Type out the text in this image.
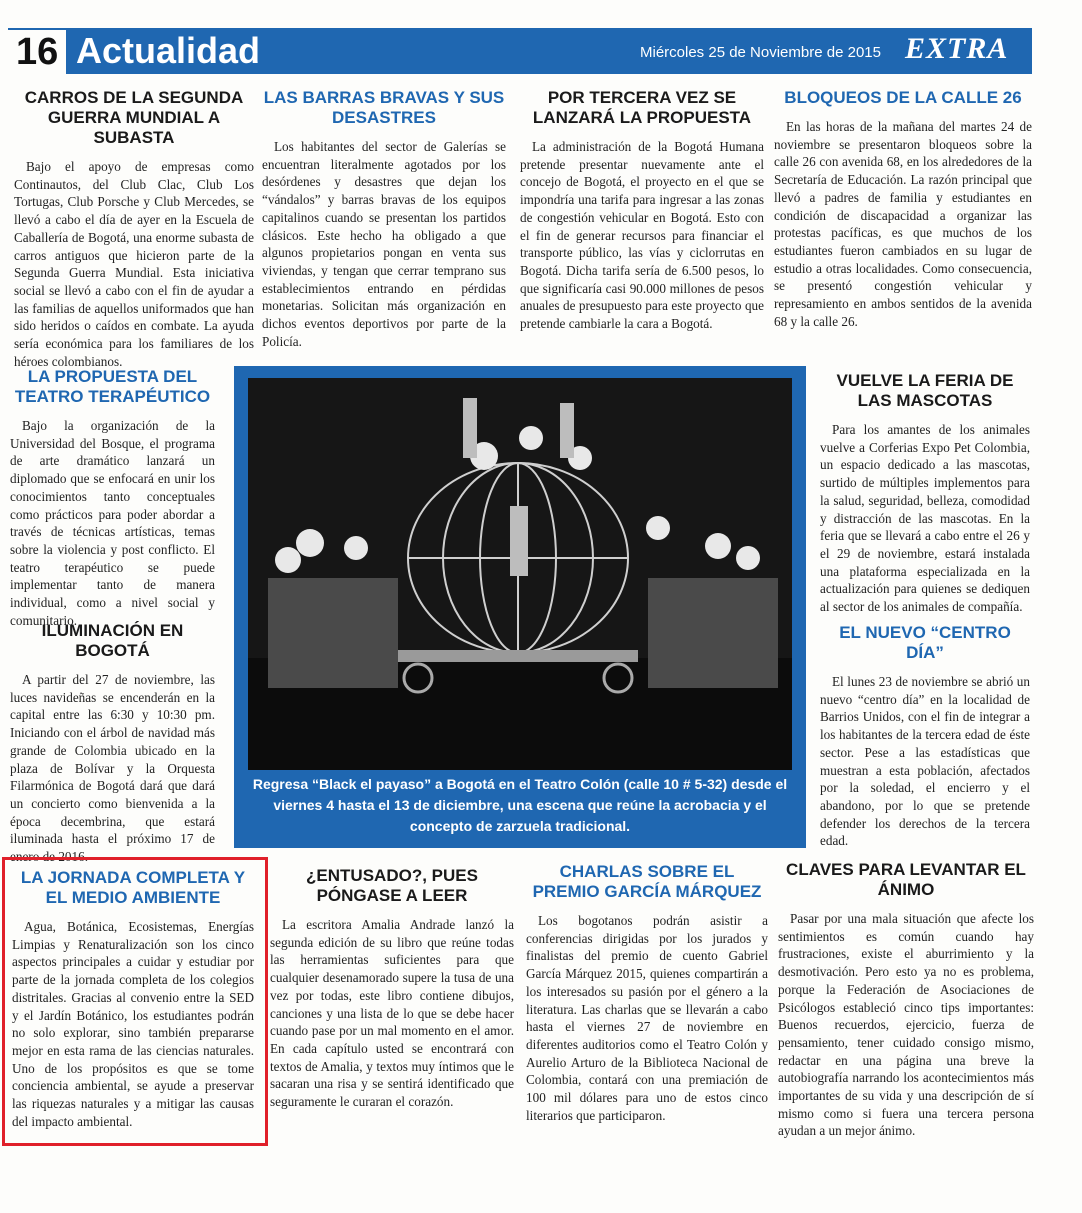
16 Actualidad	Miércoles 25 de Noviembre de 2015 EXTRA
CARROS DE LA SEGUNDA GUERRA MUNDIAL A SUBASTA

Bajo el apoyo de empresas como Continautos, del Club Clac, Club Los Tortugas, Club Porsche y Club Mercedes, se llevó a cabo el día de ayer en la Escuela de Caballería de Bogotá, una enorme subasta de carros antiguos que hicieron parte de la Segunda Guerra Mundial. Esta iniciativa social se llevó a cabo con el fin de ayudar a las familias de aquellos uniformados que han sido heridos o caídos en combate. La ayuda sería económica para los familiares de los héroes colombianos.

LAS BARRAS BRAVAS Y SUS DESASTRES

Los habitantes del sector de Galerías se encuentran literalmente agotados por los desórdenes y desastres que dejan los “vándalos” y barras bravas de los equipos capitalinos cuando se presentan los partidos clásicos. Este hecho ha obligado a que algunos propietarios pongan en venta sus viviendas, y tengan que cerrar temprano sus establecimientos entrando en pérdidas monetarias. Solicitan más organización en dichos eventos deportivos por parte de la Policía.

POR TERCERA VEZ SE LANZARÁ LA PROPUESTA

La administración de la Bogotá Humana pretende presentar nuevamente ante el concejo de Bogotá, el proyecto en el que se impondría una tarifa para ingresar a las zonas de congestión vehicular en Bogotá. Esto con el fin de generar recursos para financiar el transporte público, las vías y ciclorrutas en Bogotá. Dicha tarifa sería de 6.500 pesos, lo que significaría casi 90.000 millones de pesos anuales de presupuesto para este proyecto que pretende cambiarle la cara a Bogotá.

BLOQUEOS DE LA CALLE 26

En las horas de la mañana del martes 24 de noviembre se presentaron bloqueos sobre la calle 26 con avenida 68, en los alrededores de la Secretaría de Educación. La razón principal que llevó a padres de familia y estudiantes en condición de discapacidad a organizar las protestas pacíficas, es que muchos de los estudiantes fueron cambiados en su lugar de estudio a otras localidades. Como consecuencia, se presentó congestión vehicular y represamiento en ambos sentidos de la avenida 68 y la calle 26.

LA PROPUESTA DEL TEATRO TERAPÉUTICO

Bajo la organización de la Universidad del Bosque, el programa de arte dramático lanzará un diplomado que se enfocará en unir los conocimientos tanto conceptuales como prácticos para poder abordar a través de técnicas artísticas, temas sobre la violencia y post conflicto. El teatro terapéutico se puede implementar tanto de manera individual, como a nivel social y comunitario.

ILUMINACIÓN EN BOGOTÁ

A partir del 27 de noviembre, las luces navideñas se encenderán en la capital entre las 6:30 y 10:30 pm. Iniciando con el árbol de navidad más grande de Colombia ubicado en la plaza de Bolívar y la Orquesta Filarmónica de Bogotá dará que dará un concierto como bienvenida a la época decembrina, que estará iluminada hasta el próximo 17 de enero de 2016.

Regresa “Black el payaso” a Bogotá en el Teatro Colón (calle 10 # 5-32) desde el viernes 4 hasta el 13 de diciembre, una escena que reúne la acrobacia y el concepto de zarzuela tradicional.
VUELVE LA FERIA DE LAS MASCOTAS

Para los amantes de los animales vuelve a Corferias Expo Pet Colombia, un espacio dedicado a las mascotas, surtido de múltiples implementos para la salud, seguridad, belleza, comodidad y distracción de las mascotas. En la feria que se llevará a cabo entre el 26 y el 29 de noviembre, estará instalada una plataforma especializada en la actualización para quienes se dediquen al sector de los animales de compañía.

EL NUEVO “CENTRO DÍA”

El lunes 23 de noviembre se abrió un nuevo “centro día” en la localidad de Barrios Unidos, con el fin de integrar a los habitantes de la tercera edad de éste sector. Pese a las estadísticas que muestran a esta población, afectados por la soledad, el encierro y el abandono, por lo que se pretende defender los derechos de la tercera edad.

LA JORNADA COMPLETA Y EL MEDIO AMBIENTE

Agua, Botánica, Ecosistemas, Energías Limpias y Renaturalización son los cinco aspectos principales a cuidar y estudiar por parte de la jornada completa de los colegios distritales. Gracias al convenio entre la SED y el Jardín Botánico, los estudiantes podrán no solo explorar, sino también prepararse mejor en esta rama de las ciencias naturales. Uno de los propósitos es que se tome conciencia ambiental, se ayude a preservar las riquezas naturales y a mitigar las causas del impacto ambiental.

¿ENTUSADO?, PUES PÓNGASE A LEER

La escritora Amalia Andrade lanzó la segunda edición de su libro que reúne todas las herramientas suficientes para que cualquier desenamorado supere la tusa de una vez por todas, este libro contiene dibujos, canciones y una lista de lo que se debe hacer cuando pase por un mal momento en el amor. En cada capítulo usted se encontrará con textos de Amalia, y textos muy íntimos que le sacaran una risa y se sentirá identificado que seguramente le curaran el corazón.

CHARLAS SOBRE EL PREMIO GARCÍA MÁRQUEZ

Los bogotanos podrán asistir a conferencias dirigidas por los jurados y finalistas del premio de cuento Gabriel García Márquez 2015, quienes compartirán a los interesados su pasión por el género a la literatura. Las charlas que se llevarán a cabo hasta el viernes 27 de noviembre en diferentes auditorios como el Teatro Colón y Aurelio Arturo de la Biblioteca Nacional de Colombia, contará con una premiación de 100 mil dólares para uno de estos cinco literarios que participaron.

CLAVES PARA LEVANTAR EL ÁNIMO

Pasar por una mala situación que afecte los sentimientos es común cuando hay frustraciones, existe el aburrimiento y la desmotivación. Pero esto ya no es problema, porque la Federación de Asociaciones de Psicólogos estableció cinco tips importantes: Buenos recuerdos, ejercicio, fuerza de pensamiento, tener cuidado consigo mismo, redactar en una página una breve la autobiografía narrando los acontecimientos más importantes de su vida y una descripción de sí mismo como si fuera una tercera persona ayudan a un mejor ánimo.
